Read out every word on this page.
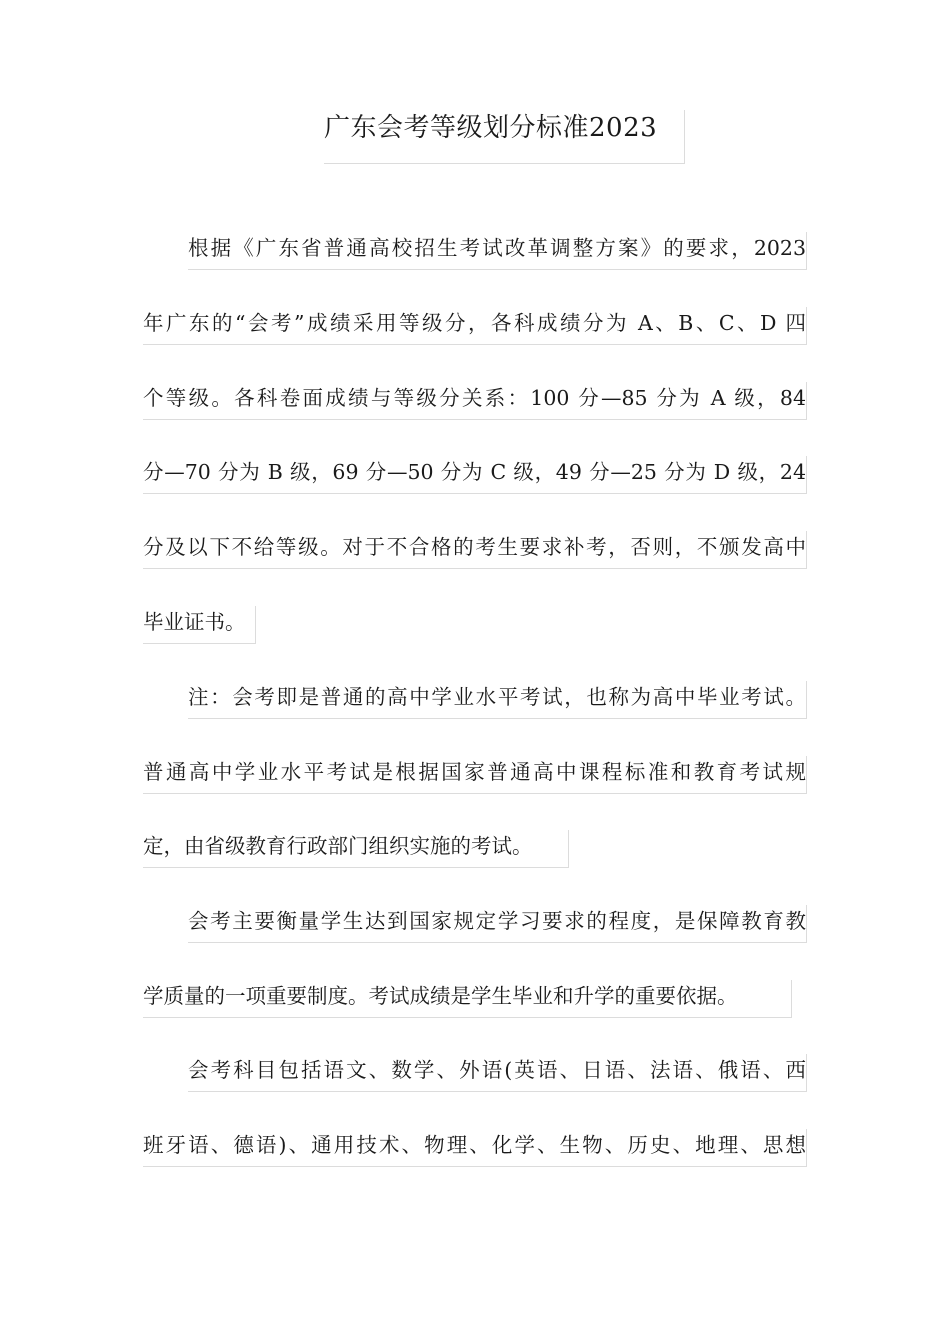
广东会考等级划分标准2023
根据《广东省普通高校招生考试改革调整方案》的要求，2023
年广东的“会考”成绩采用等级分，各科成绩分为 A、B、C、D 四
个等级。各科卷面成绩与等级分关系：100 分—85 分为 A 级，84
分—70 分为 B 级，69 分—50 分为 C 级，49 分—25 分为 D 级，24
分及以下不给等级。对于不合格的考生要求补考，否则，不颁发高中
毕业证书。
注：会考即是普通的高中学业水平考试，也称为高中毕业考试。
普通高中学业水平考试是根据国家普通高中课程标准和教育考试规
定，由省级教育行政部门组织实施的考试。
会考主要衡量学生达到国家规定学习要求的程度，是保障教育教
学质量的一项重要制度。考试成绩是学生毕业和升学的重要依据。
会考科目包括语文、数学、外语(英语、日语、法语、俄语、西
班牙语、德语)、通用技术、物理、化学、生物、历史、地理、思想
